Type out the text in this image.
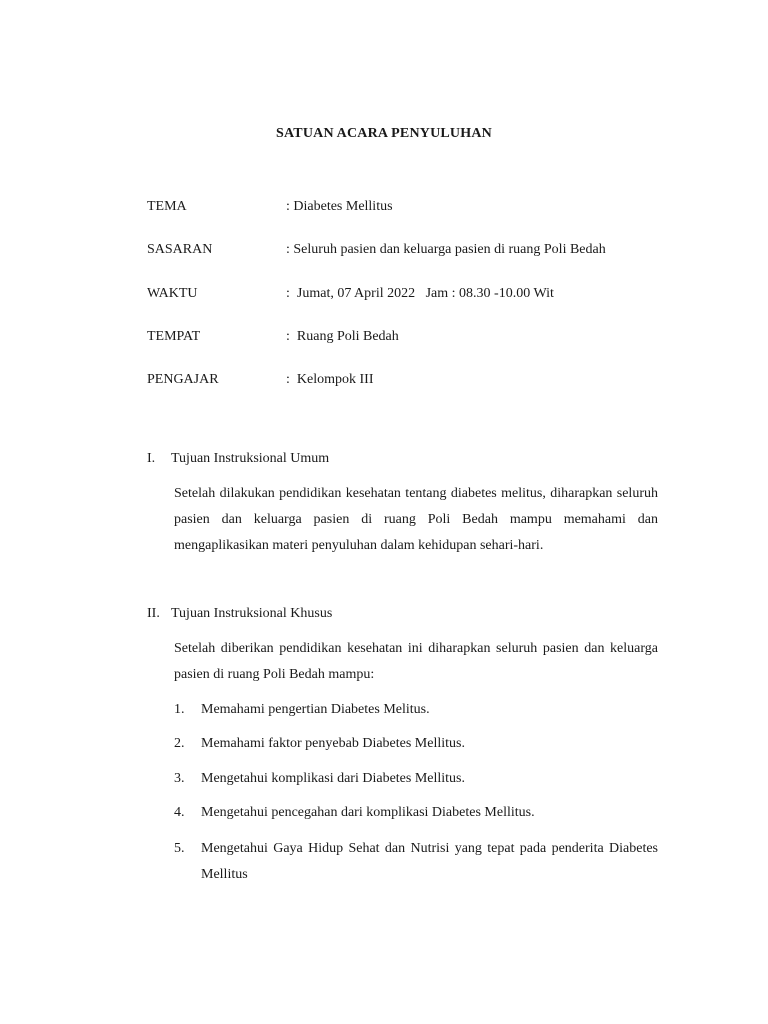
SATUAN ACARA PENYULUHAN
TEMA	: Diabetes Mellitus
SASARAN	: Seluruh pasien dan keluarga pasien di ruang Poli Bedah
WAKTU	:  Jumat, 07 April 2022   Jam : 08.30 -10.00 Wit
TEMPAT	:  Ruang Poli Bedah
PENGAJAR	:  Kelompok III
I. Tujuan Instruksional Umum
Setelah dilakukan pendidikan kesehatan tentang diabetes melitus, diharapkan seluruh pasien dan keluarga pasien di ruang Poli Bedah mampu memahami dan mengaplikasikan materi penyuluhan dalam kehidupan sehari-hari.
II. Tujuan Instruksional Khusus
Setelah diberikan pendidikan kesehatan ini diharapkan seluruh pasien dan keluarga pasien di ruang Poli Bedah mampu:
1. Memahami pengertian Diabetes Melitus.
2. Memahami faktor penyebab Diabetes Mellitus.
3. Mengetahui komplikasi dari Diabetes Mellitus.
4. Mengetahui pencegahan dari komplikasi Diabetes Mellitus.
5. Mengetahui Gaya Hidup Sehat dan Nutrisi yang tepat pada penderita Diabetes Mellitus
